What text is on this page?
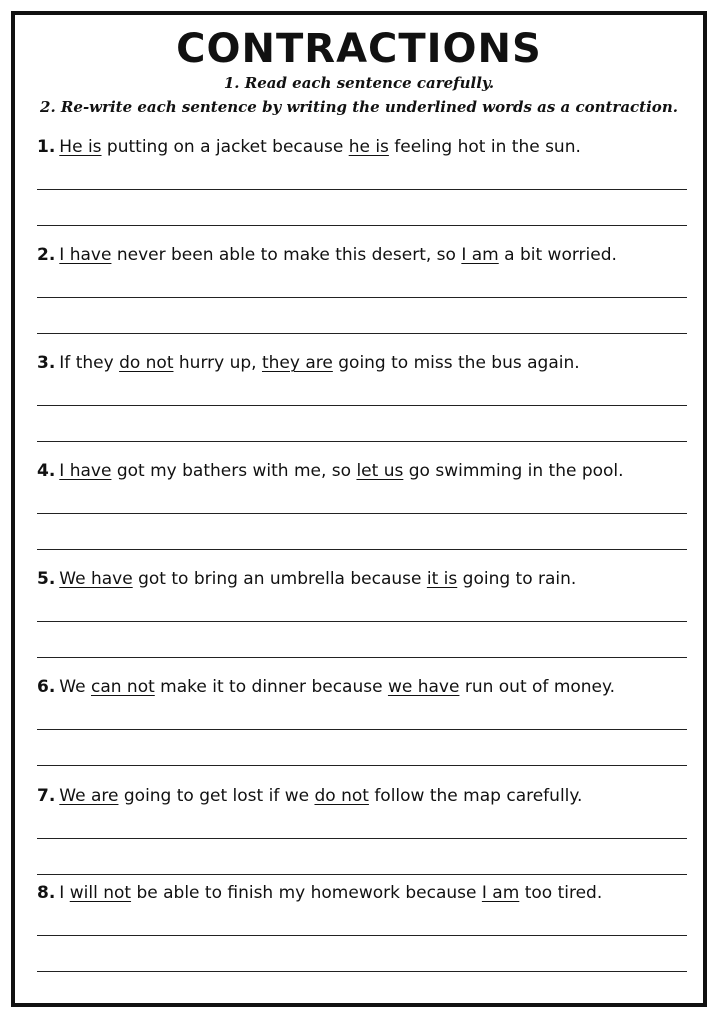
CONTRACTIONS
1. Read each sentence carefully.
2. Re-write each sentence by writing the underlined words as a contraction.
1. He is putting on a jacket because he is feeling hot in the sun.
2. I have never been able to make this desert, so I am a bit worried.
3. If they do not hurry up, they are going to miss the bus again.
4. I have got my bathers with me, so let us go swimming in the pool.
5. We have got to bring an umbrella because it is going to rain.
6. We can not make it to dinner because we have run out of money.
7. We are going to get lost if we do not follow the map carefully.
8. I will not be able to finish my homework because I am too tired.
